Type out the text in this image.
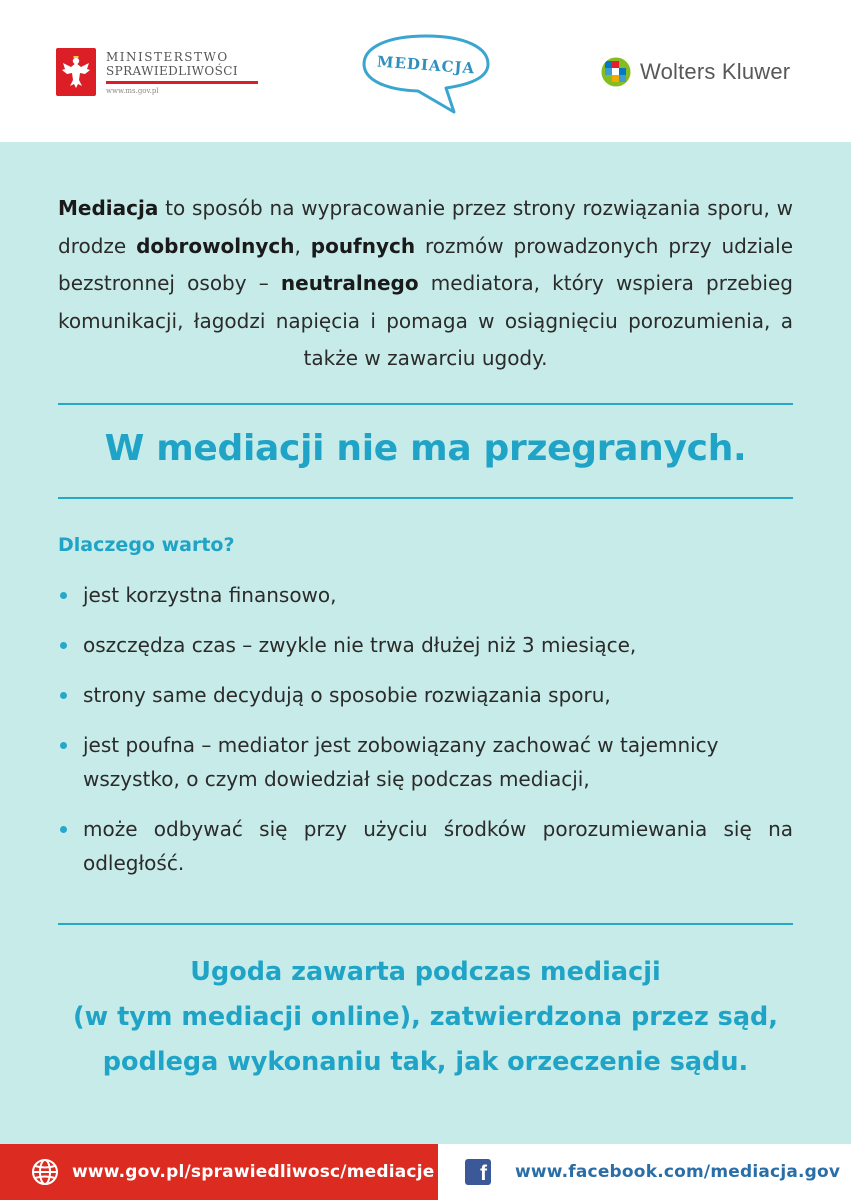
MINISTERSTWO
SPRAWIEDLIWOŚCI
www.ms.gov.pl
MEDIACJA	Wolters Kluwer
Mediacja to sposób na wypracowanie przez strony rozwiązania sporu, w drodze dobrowolnych, poufnych rozmów prowadzonych przy udziale bezstronnej osoby – neutralnego mediatora, który wspiera przebieg komunikacji, łagodzi napięcia i pomaga w osiągnięciu porozumienia, a także w zawarciu ugody.
W mediacji nie ma przegranych.
Dlaczego warto?
jest korzystna finansowo,
oszczędza czas – zwykle nie trwa dłużej niż 3 miesiące,
strony same decydują o sposobie rozwiązania sporu,
jest poufna – mediator jest zobowiązany zachować w tajemnicy wszystko, o czym dowiedział się podczas mediacji,
może odbywać się przy użyciu środków porozumiewania się na odległość.
Ugoda zawarta podczas mediacji
(w tym mediacji online), zatwierdzona przez sąd,
podlega wykonaniu tak, jak orzeczenie sądu.
www.gov.pl/sprawiedliwosc/mediacje f www.facebook.com/mediacja.gov
